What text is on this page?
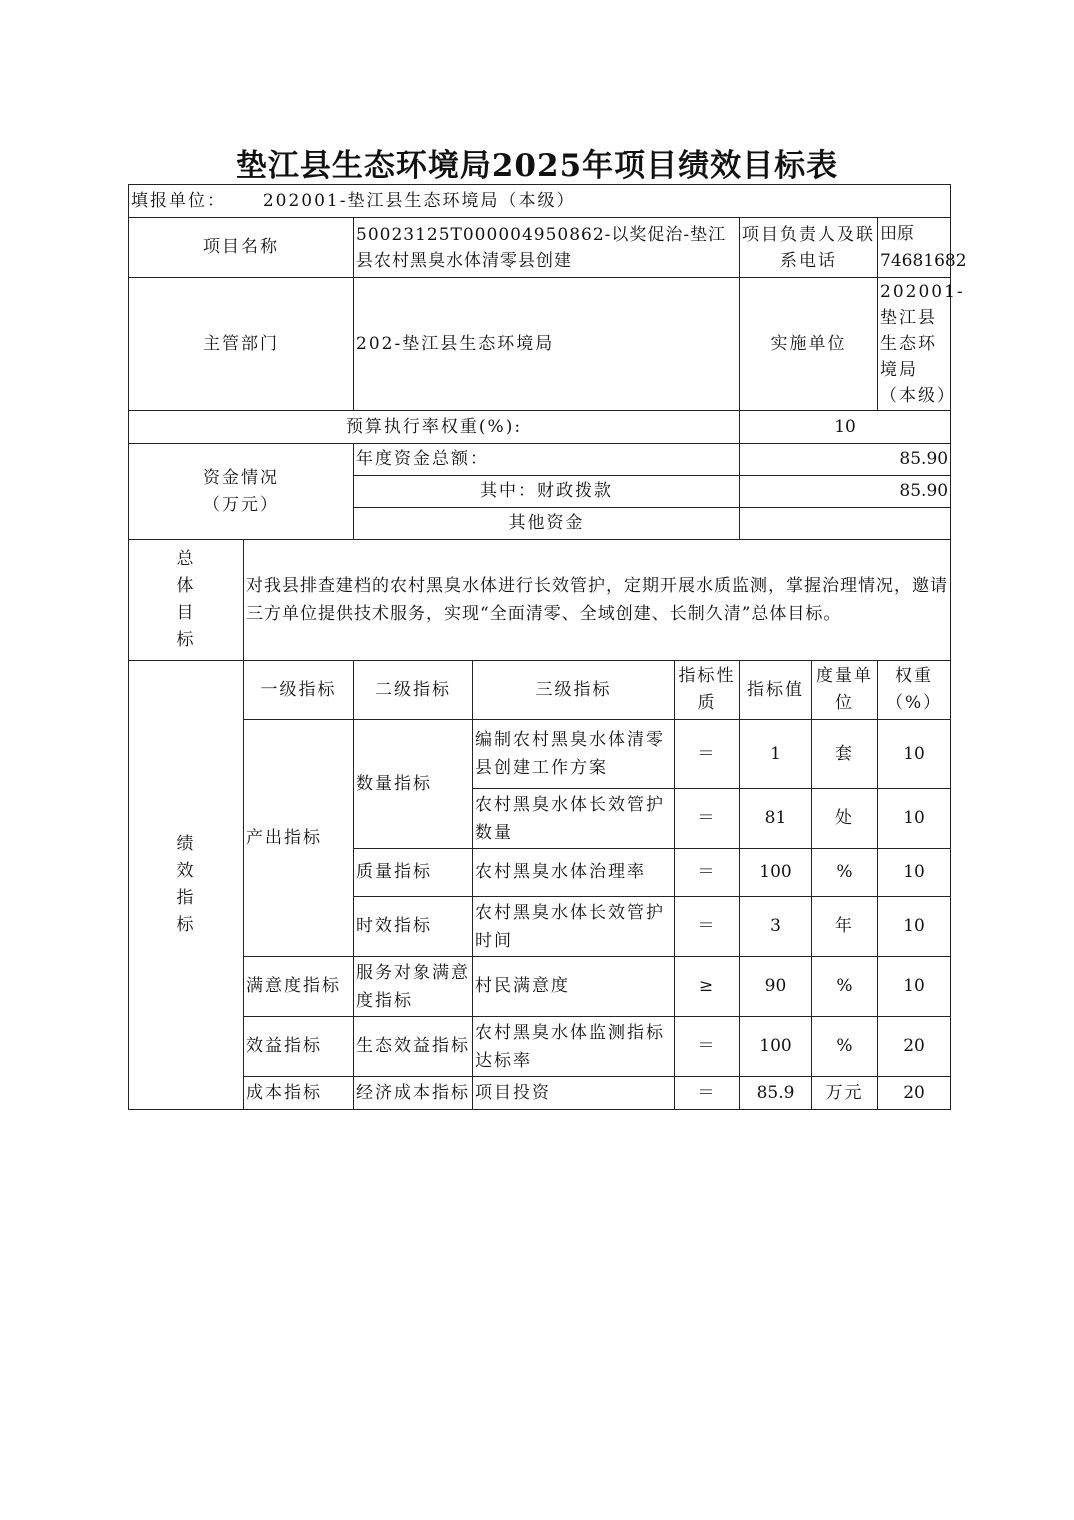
垫江县生态环境局2025年项目绩效目标表
填报单位： 202001-垫江县生态环境局（本级）							
项目名称		50023125T000004950862-以奖促治-垫江县农村黑臭水体清零县创建			项目负责人及联系电话		田原 74681682
主管部门		202-垫江县生态环境局			实施单位		202001-垫江县生态环境局（本级）
预算执行率权重(%):					10		

资金情况
（万元）		年度资金总额：			85.90		
		其中：财政拨款			85.90		
		其他资金					

总
体
目
标	对我县排查建档的农村黑臭水体进行长效管护，定期开展水质监测，掌握治理情况，邀请三方单位提供技术服务，实现“全面清零、全域创建、长制久清”总体目标。						

绩
效
指
标	一级指标	二级指标	三级指标	指标性质	指标值	度量单位	权重（%）
	产出指标	数量指标	编制农村黑臭水体清零县创建工作方案	＝	1	套	10
			农村黑臭水体长效管护数量	＝	81	处	10
		质量指标	农村黑臭水体治理率	＝	100	%	10
		时效指标	农村黑臭水体长效管护时间	＝	3	年	10
	满意度指标	服务对象满意度指标	村民满意度	≥	90	%	10
	效益指标	生态效益指标	农村黑臭水体监测指标达标率	＝	100	%	20
	成本指标	经济成本指标	项目投资	＝	85.9	万元	20
